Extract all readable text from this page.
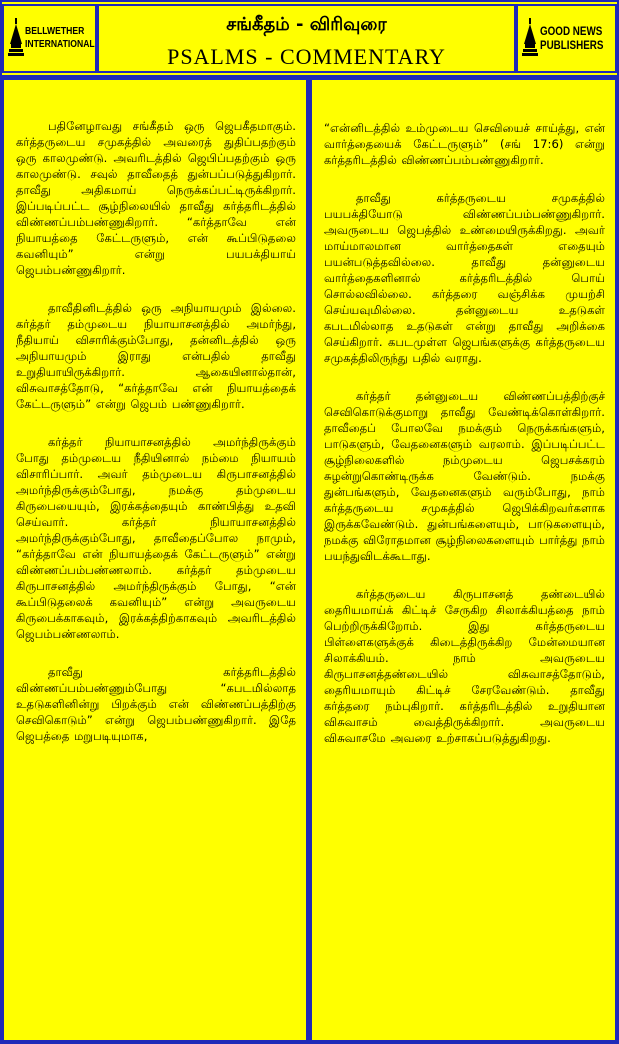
BELLWETHER
INTERNATIONAL
சங்கீதம் - விரிவுரை
PSALMS - COMMENTARY
GOOD NEWS
PUBLISHERS

பதினேழாவது சங்கீதம் ஒரு ஜெபகீதமாகும். கர்த்தருடைய சமுகத்தில் அவரைத் துதிப்பதற்கும் ஒரு காலமுண்டு. அவரிடத்தில் ஜெபிப்பதற்கும் ஒரு காலமுண்டு. சவுல் தாவீதைத் துன்பப்படுத்துகிறார். தாவீது அதிகமாய் நெருக்கப்பட்டிருக்கிறார். இப்படிப்பட்ட சூழ்நிலையில் தாவீது கர்த்தரிடத்தில் விண்ணப்பம்பண்ணுகிறார். “கர்த்தாவே என் நியாயத்தை கேட்டருளும், என் கூப்பிடுதலை கவனியும்” என்று பயபக்தியாய் ஜெபம்பண்ணுகிறார்.

தாவீதினிடத்தில் ஒரு அநியாயமும் இல்லை. கர்த்தர் தம்முடைய நியாயாசனத்தில் அமர்ந்து, நீதியாய் விசாரிக்கும்போது, தன்னிடத்தில் ஒரு அநியாயமும் இராது என்பதில் தாவீது உறுதியாயிருக்கிறார். ஆகையினால்தான், விசுவாசத்தோடு, “கர்த்தாவே என் நியாயத்தைக் கேட்டருளும்” என்று ஜெபம் பண்ணுகிறார்.

கர்த்தர் நியாயாசனத்தில் அமர்ந்திருக்கும் போது தம்முடைய நீதியினால் நம்மை நியாயம் விசாரிப்பார். அவர் தம்முடைய கிருபாசனத்தில் அமர்ந்திருக்கும்போது, நமக்கு தம்முடைய கிருபையையும், இரக்கத்தையும் காண்பித்து உதவி செய்வார். கர்த்தர் நியாயாசனத்தில் அமர்ந்திருக்கும்போது, தாவீதைப்போல நாமும், “கர்த்தாவே என் நியாயத்தைக் கேட்டருளும்” என்று விண்ணப்பம்பண்ணலாம். கர்த்தர் தம்முடைய கிருபாசனத்தில் அமர்ந்திருக்கும் போது, “என் கூப்பிடுதலைக் கவனியும்” என்று அவருடைய கிருபைக்காகவும், இரக்கத்திற்காகவும் அவரிடத்தில் ஜெபம்பண்ணலாம்.

தாவீது கர்த்தரிடத்தில் விண்ணப்பம்பண்ணும்போது “கபடமில்லாத உதடுகளினின்று பிறக்கும் என் விண்ணப்பத்திற்கு செவிகொடும்” என்று ஜெபம்பண்ணுகிறார். இதே ஜெபத்தை மறுபடியுமாக,

“என்னிடத்தில் உம்முடைய செவியைச் சாய்த்து, என் வார்த்தையைக் கேட்டருளும்” (சங் 17:6) என்று கர்த்தரிடத்தில் விண்ணப்பம்பண்ணுகிறார்.

தாவீது கர்த்தருடைய சமுகத்தில் பயபக்தியோடு விண்ணப்பம்பண்ணுகிறார். அவருடைய ஜெபத்தில் உண்மையிருக்கிறது. அவர் மாய்மாலமான வார்த்தைகள் எதையும் பயன்படுத்தவில்லை. தாவீது தன்னுடைய வார்த்தைகளினால் கர்த்தரிடத்தில் பொய் சொல்லவில்லை. கர்த்தரை வஞ்சிக்க முயற்சி செய்யவுமில்லை. தன்னுடைய உதடுகள் கபடமில்லாத உதடுகள் என்று தாவீது அறிக்கை செய்கிறார். கபடமுள்ள ஜெபங்களுக்கு கர்த்தருடைய சமுகத்திலிருந்து பதில் வராது.

கர்த்தர் தன்னுடைய விண்ணப்பத்திற்குச் செவிகொடுக்குமாறு தாவீது வேண்டிக்கொள்கிறார். தாவீதைப் போலவே நமக்கும் நெருக்கங்களும், பாடுகளும், வேதனைகளும் வரலாம். இப்படிப்பட்ட சூழ்நிலைகளில் நம்முடைய ஜெபசக்கரம் சுழன்றுகொண்டிருக்க வேண்டும். நமக்கு துன்பங்களும், வேதனைகளும் வரும்போது, நாம் கர்த்தருடைய சமுகத்தில் ஜெபிக்கிறவர்களாக இருக்கவேண்டும். துன்பங்களையும், பாடுகளையும், நமக்கு விரோதமான சூழ்நிலைகளையும் பார்த்து நாம் பயந்துவிடக்கூடாது.

கர்த்தருடைய கிருபாசனத் தண்டையில் தைரியமாய்க் கிட்டிச் சேருகிற சிலாக்கியத்தை நாம் பெற்றிருக்கிறோம். இது கர்த்தருடைய பிள்ளைகளுக்குக் கிடைத்திருக்கிற மேன்மையான சிலாக்கியம். நாம் அவருடைய கிருபாசனத்தண்டையில் விசுவாசத்தோடும், தைரியமாயும் கிட்டிச் சேரவேண்டும். தாவீது கர்த்தரை நம்புகிறார். கர்த்தரிடத்தில் உறுதியான விசுவாசம் வைத்திருக்கிறார். அவருடைய விசுவாசமே அவரை உற்சாகப்படுத்துகிறது.
